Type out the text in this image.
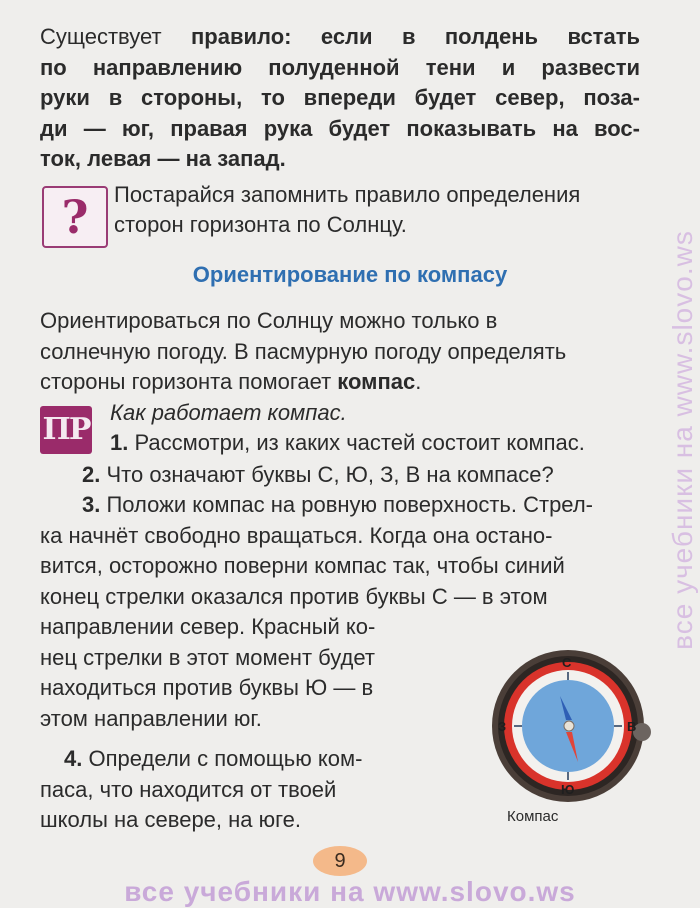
Существует правило: если в полдень встать
по направлению полуденной тени и развести
руки в стороны, то впереди будет север, поза-
ди — юг, правая рука будет показывать на вос-
ток, левая — на запад.
?	Постарайся запомнить правило определения
сторон горизонта по Солнцу.
Ориентирование по компасу
Ориентироваться по Солнцу можно только в
солнечную погоду. В пасмурную погоду определять
стороны горизонта помогает компас.
ПР Как работает компас.
1. Рассмотри, из каких частей состоит компас.
2. Что означают буквы С, Ю, З, В на компасе?
3. Положи компас на ровную поверхность. Стрел-
ка начнёт свободно вращаться. Когда она остано-
вится, осторожно поверни компас так, чтобы синий
конец стрелки оказался против буквы С — в этом
направлении север. Красный ко-
нец стрелки в этот момент будет
находиться против буквы Ю — в
этом направлении юг.
4. Определи с помощью ком-
паса, что находится от твоей
школы на севере, на юге.
С
Ю
З	В
Компас
9
все учебники на www.slovo.ws
все учебники на www.slovo.ws
